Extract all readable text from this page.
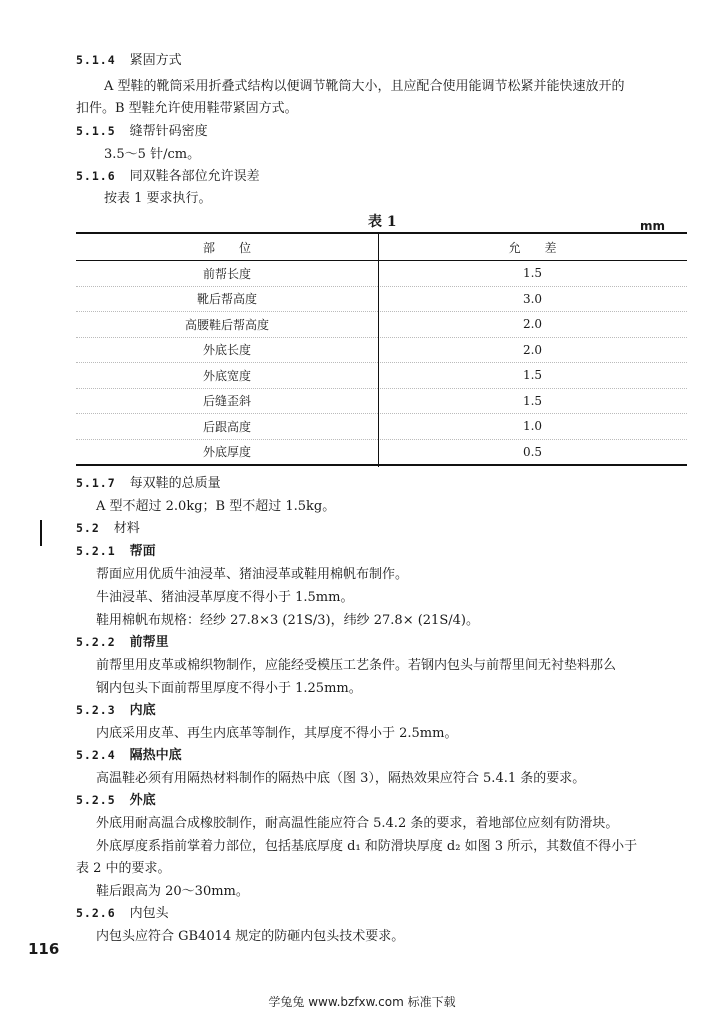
5.1.4 紧固方式
A 型鞋的靴筒采用折叠式结构以便调节靴筒大小，且应配合使用能调节松紧并能快速放开的
扣件。B 型鞋允许使用鞋带紧固方式。
5.1.5 缝帮针码密度
3.5～5 针/cm。
5.1.6 同双鞋各部位允许误差
按表 1 要求执行。
表 1	mm
部　　位	允　　差
前帮长度	1.5
靴后帮高度	3.0
高腰鞋后帮高度	2.0
外底长度	2.0
外底宽度	1.5
后缝歪斜	1.5
后跟高度	1.0
外底厚度	0.5
5.1.7 每双鞋的总质量
A 型不超过 2.0kg；B 型不超过 1.5kg。
5.2 材料
5.2.1 帮面
帮面应用优质牛油浸革、猪油浸革或鞋用棉帆布制作。
牛油浸革、猪油浸革厚度不得小于 1.5mm。
鞋用棉帆布规格：经纱 27.8×3 (21S/3)，纬纱 27.8× (21S/4)。
5.2.2 前帮里
前帮里用皮革或棉织物制作，应能经受模压工艺条件。若钢内包头与前帮里间无衬垫料那么
钢内包头下面前帮里厚度不得小于 1.25mm。
5.2.3 内底
内底采用皮革、再生内底革等制作，其厚度不得小于 2.5mm。
5.2.4 隔热中底
高温鞋必须有用隔热材料制作的隔热中底（图 3），隔热效果应符合 5.4.1 条的要求。
5.2.5 外底
外底用耐高温合成橡胶制作，耐高温性能应符合 5.4.2 条的要求，着地部位应刻有防滑块。
外底厚度系指前掌着力部位，包括基底厚度 d₁ 和防滑块厚度 d₂ 如图 3 所示，其数值不得小于
表 2 中的要求。
鞋后跟高为 20～30mm。
5.2.6 内包头
内包头应符合 GB4014 规定的防砸内包头技术要求。
116
学兔兔 www.bzfxw.com 标准下载
